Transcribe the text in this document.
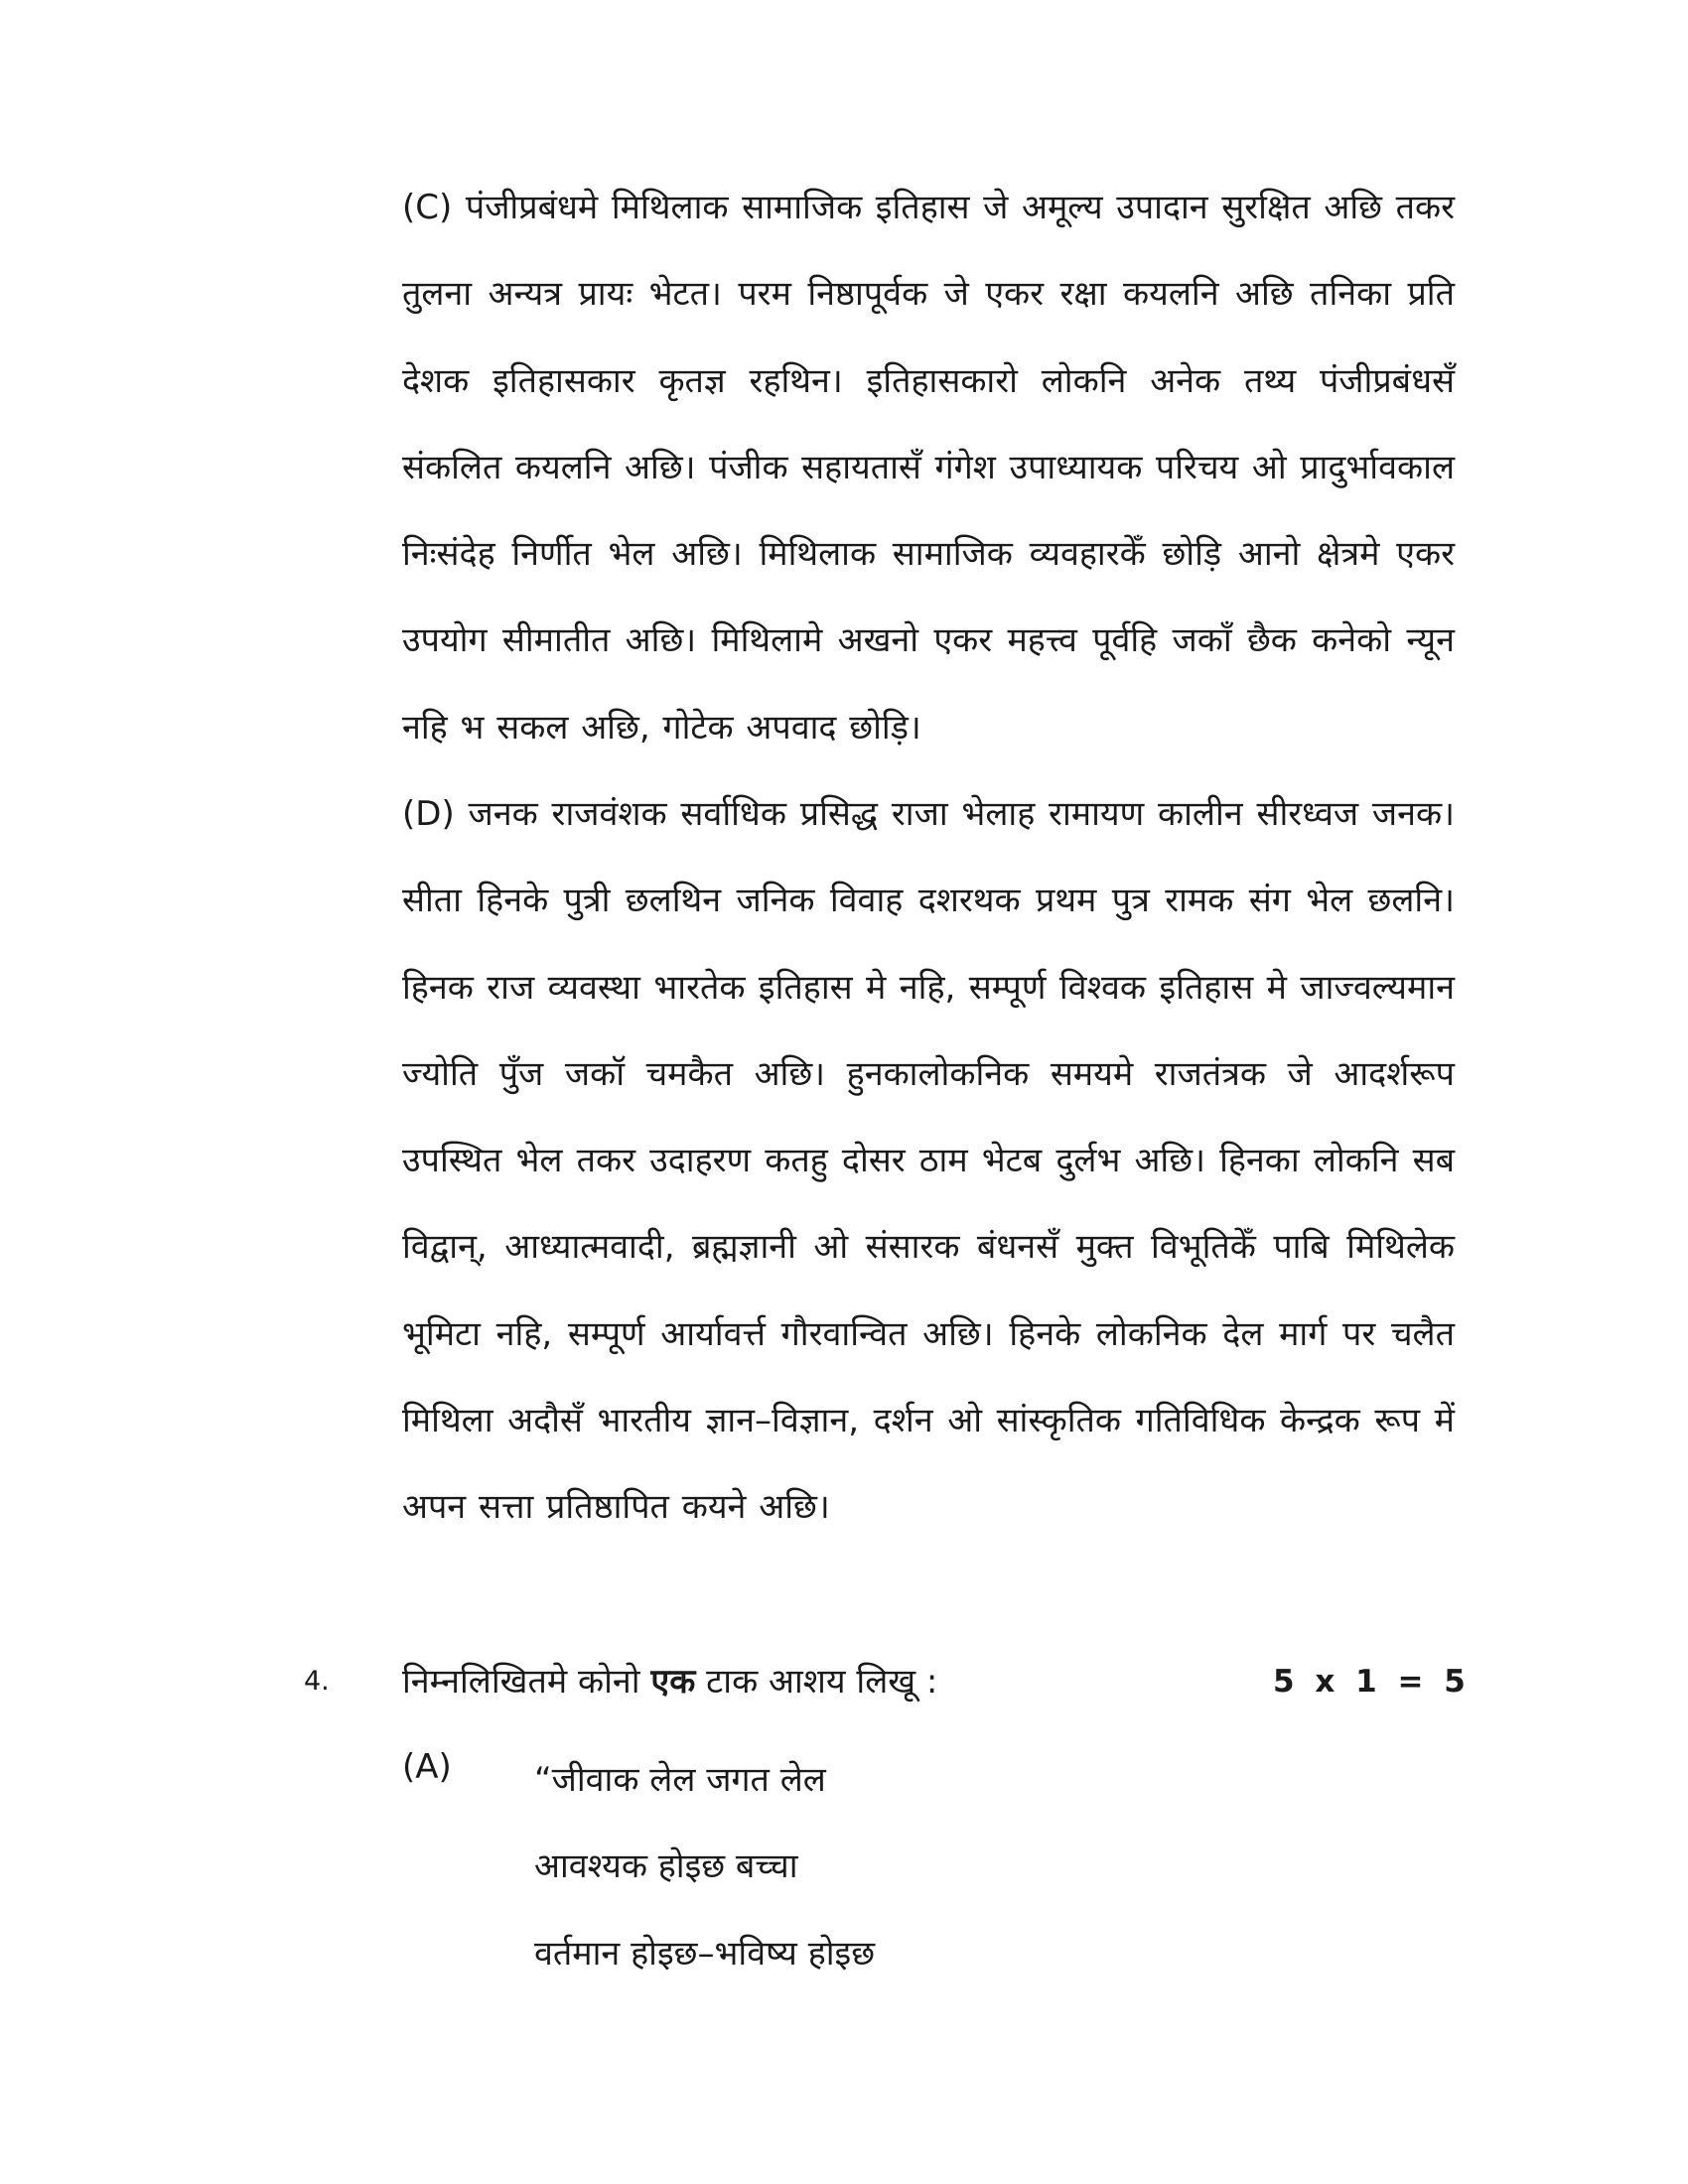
(C) पंजीप्रबंधमे मिथिलाक सामाजिक इतिहास जे अमूल्य उपादान सुरक्षित अछि तकर तुलना अन्यत्र प्रायः भेटत। परम निष्ठापूर्वक जे एकर रक्षा कयलनि अछि तनिका प्रति देशक इतिहासकार कृतज्ञ रहथिन। इतिहासकारो लोकनि अनेक तथ्य पंजीप्रबंधसँ संकलित कयलनि अछि। पंजीक सहायतासँ गंगेश उपाध्यायक परिचय ओ प्रादुर्भावकाल निःसंदेह निर्णीत भेल अछि। मिथिलाक सामाजिक व्यवहारकेँ छोड़ि आनो क्षेत्रमे एकर उपयोग सीमातीत अछि। मिथिलामे अखनो एकर महत्त्व पूर्वहि जकाँ छैक कनेको न्यून नहि भ सकल अछि, गोटेक अपवाद छोड़ि।

(D) जनक राजवंशक सर्वाधिक प्रसिद्ध राजा भेलाह रामायण कालीन सीरध्वज जनक। सीता हिनके पुत्री छलथिन जनिक विवाह दशरथक प्रथम पुत्र रामक संग भेल छलनि। हिनक राज व्यवस्था भारतेक इतिहास मे नहि, सम्पूर्ण विश्वक इतिहास मे जाज्वल्यमान ज्योति पुँज जकॉ चमकैत अछि। हुनकालोकनिक समयमे राजतंत्रक जे आदर्शरूप उपस्थित भेल तकर उदाहरण कतहु दोसर ठाम भेटब दुर्लभ अछि। हिनका लोकनि सब विद्वान्, आध्यात्मवादी, ब्रह्मज्ञानी ओ संसारक बंधनसँ मुक्त विभूतिकेँ पाबि मिथिलेक भूमिटा नहि, सम्पूर्ण आर्यावर्त्त गौरवान्वित अछि। हिनके लोकनिक देल मार्ग पर चलैत मिथिला अदौसँ भारतीय ज्ञान–विज्ञान, दर्शन ओ सांस्कृतिक गतिविधिक केन्द्रक रूप में अपन सत्ता प्रतिष्ठापित कयने अछि।

4. निम्नलिखितमे कोनो एक टाक आशय लिखू :	5 x 1 = 5
(A) “जीवाक लेल जगत लेल
आवश्यक होइछ बच्चा
वर्तमान होइछ–भविष्य होइछ
